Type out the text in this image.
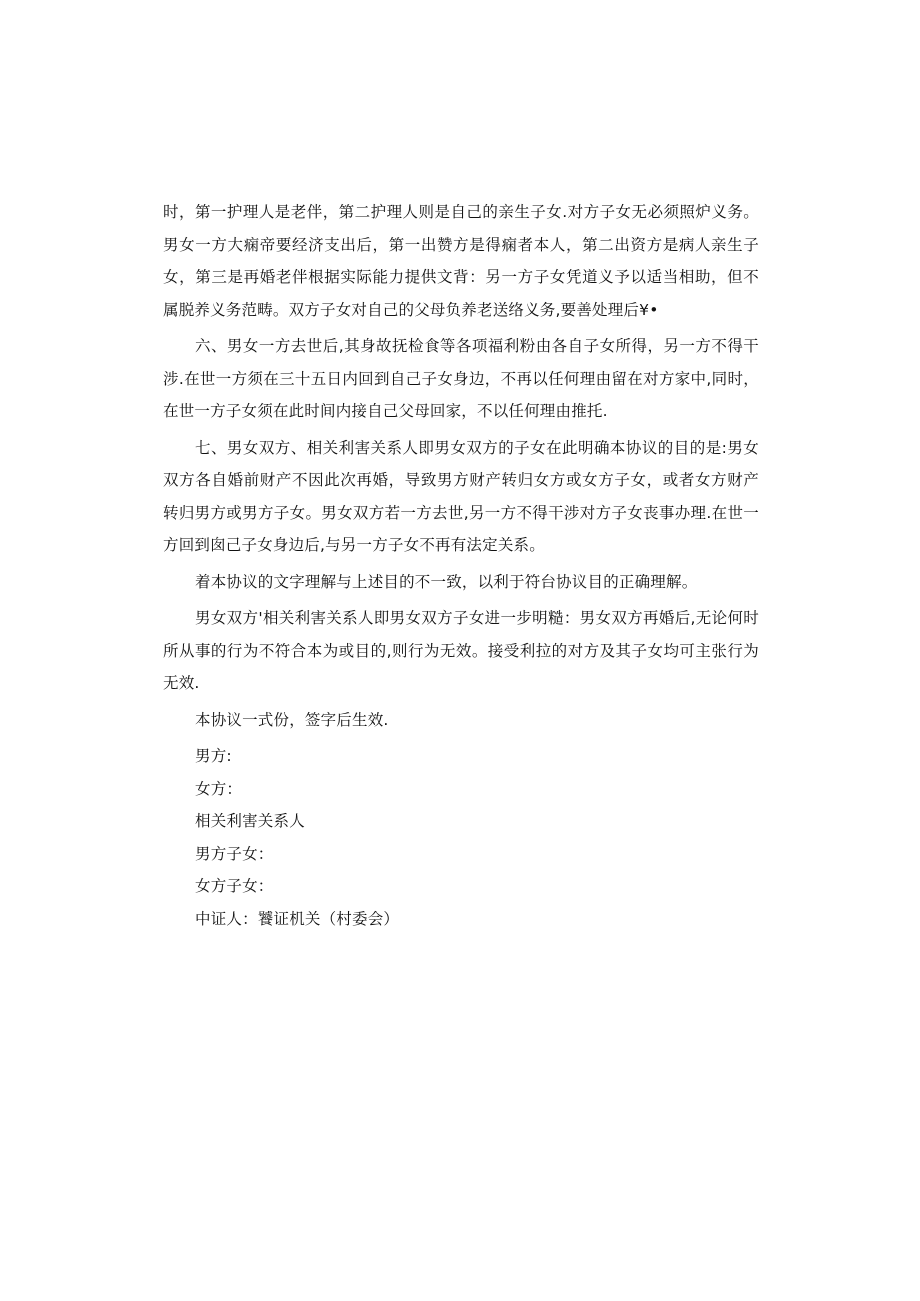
时，第一护理人是老伴，第二护理人则是自己的亲生子女.对方子女无必须照炉义务。男女一方大痫帝要经济支出后，第一出赞方是得痫者本人，第二出资方是病人亲生子女，第三是再婚老伴根据实际能力提供文背：另一方子女凭道义予以适当相助，但不属脱养义务范畴。双方子女对自己的父母负养老送络义务,要善处理后¥•

六、男女一方去世后,其身故抚检食等各项福利粉由各自子女所得，另一方不得干涉.在世一方须在三十五日内回到自己子女身边，不再以任何理由留在对方家中,同时，在世一方子女须在此时间内接自己父母回家，不以任何理由推托.

七、男女双方、相关利害关系人即男女双方的子女在此明确本协议的目的是:男女双方各自婚前财产不因此次再婚，导致男方财产转归女方或女方子女，或者女方财产转归男方或男方子女。男女双方若一方去世,另一方不得干涉对方子女丧事办理.在世一方回到囱己子女身边后,与另一方子女不再有法定关系。

着本协议的文字理解与上述目的不一致，以利于符台协议目的正确理解。

男女双方'相关利害关系人即男女双方子女进一步明糙：男女双方再婚后,无论何时所从事的行为不符合本为或目的,则行为无效。接受利拉的对方及其子女均可主张行为无效.

本协议一式份，签字后生效.

男方:

女方：

相关利害关系人

男方子女：

女方子女：

中证人：饕证机关（村委会）
